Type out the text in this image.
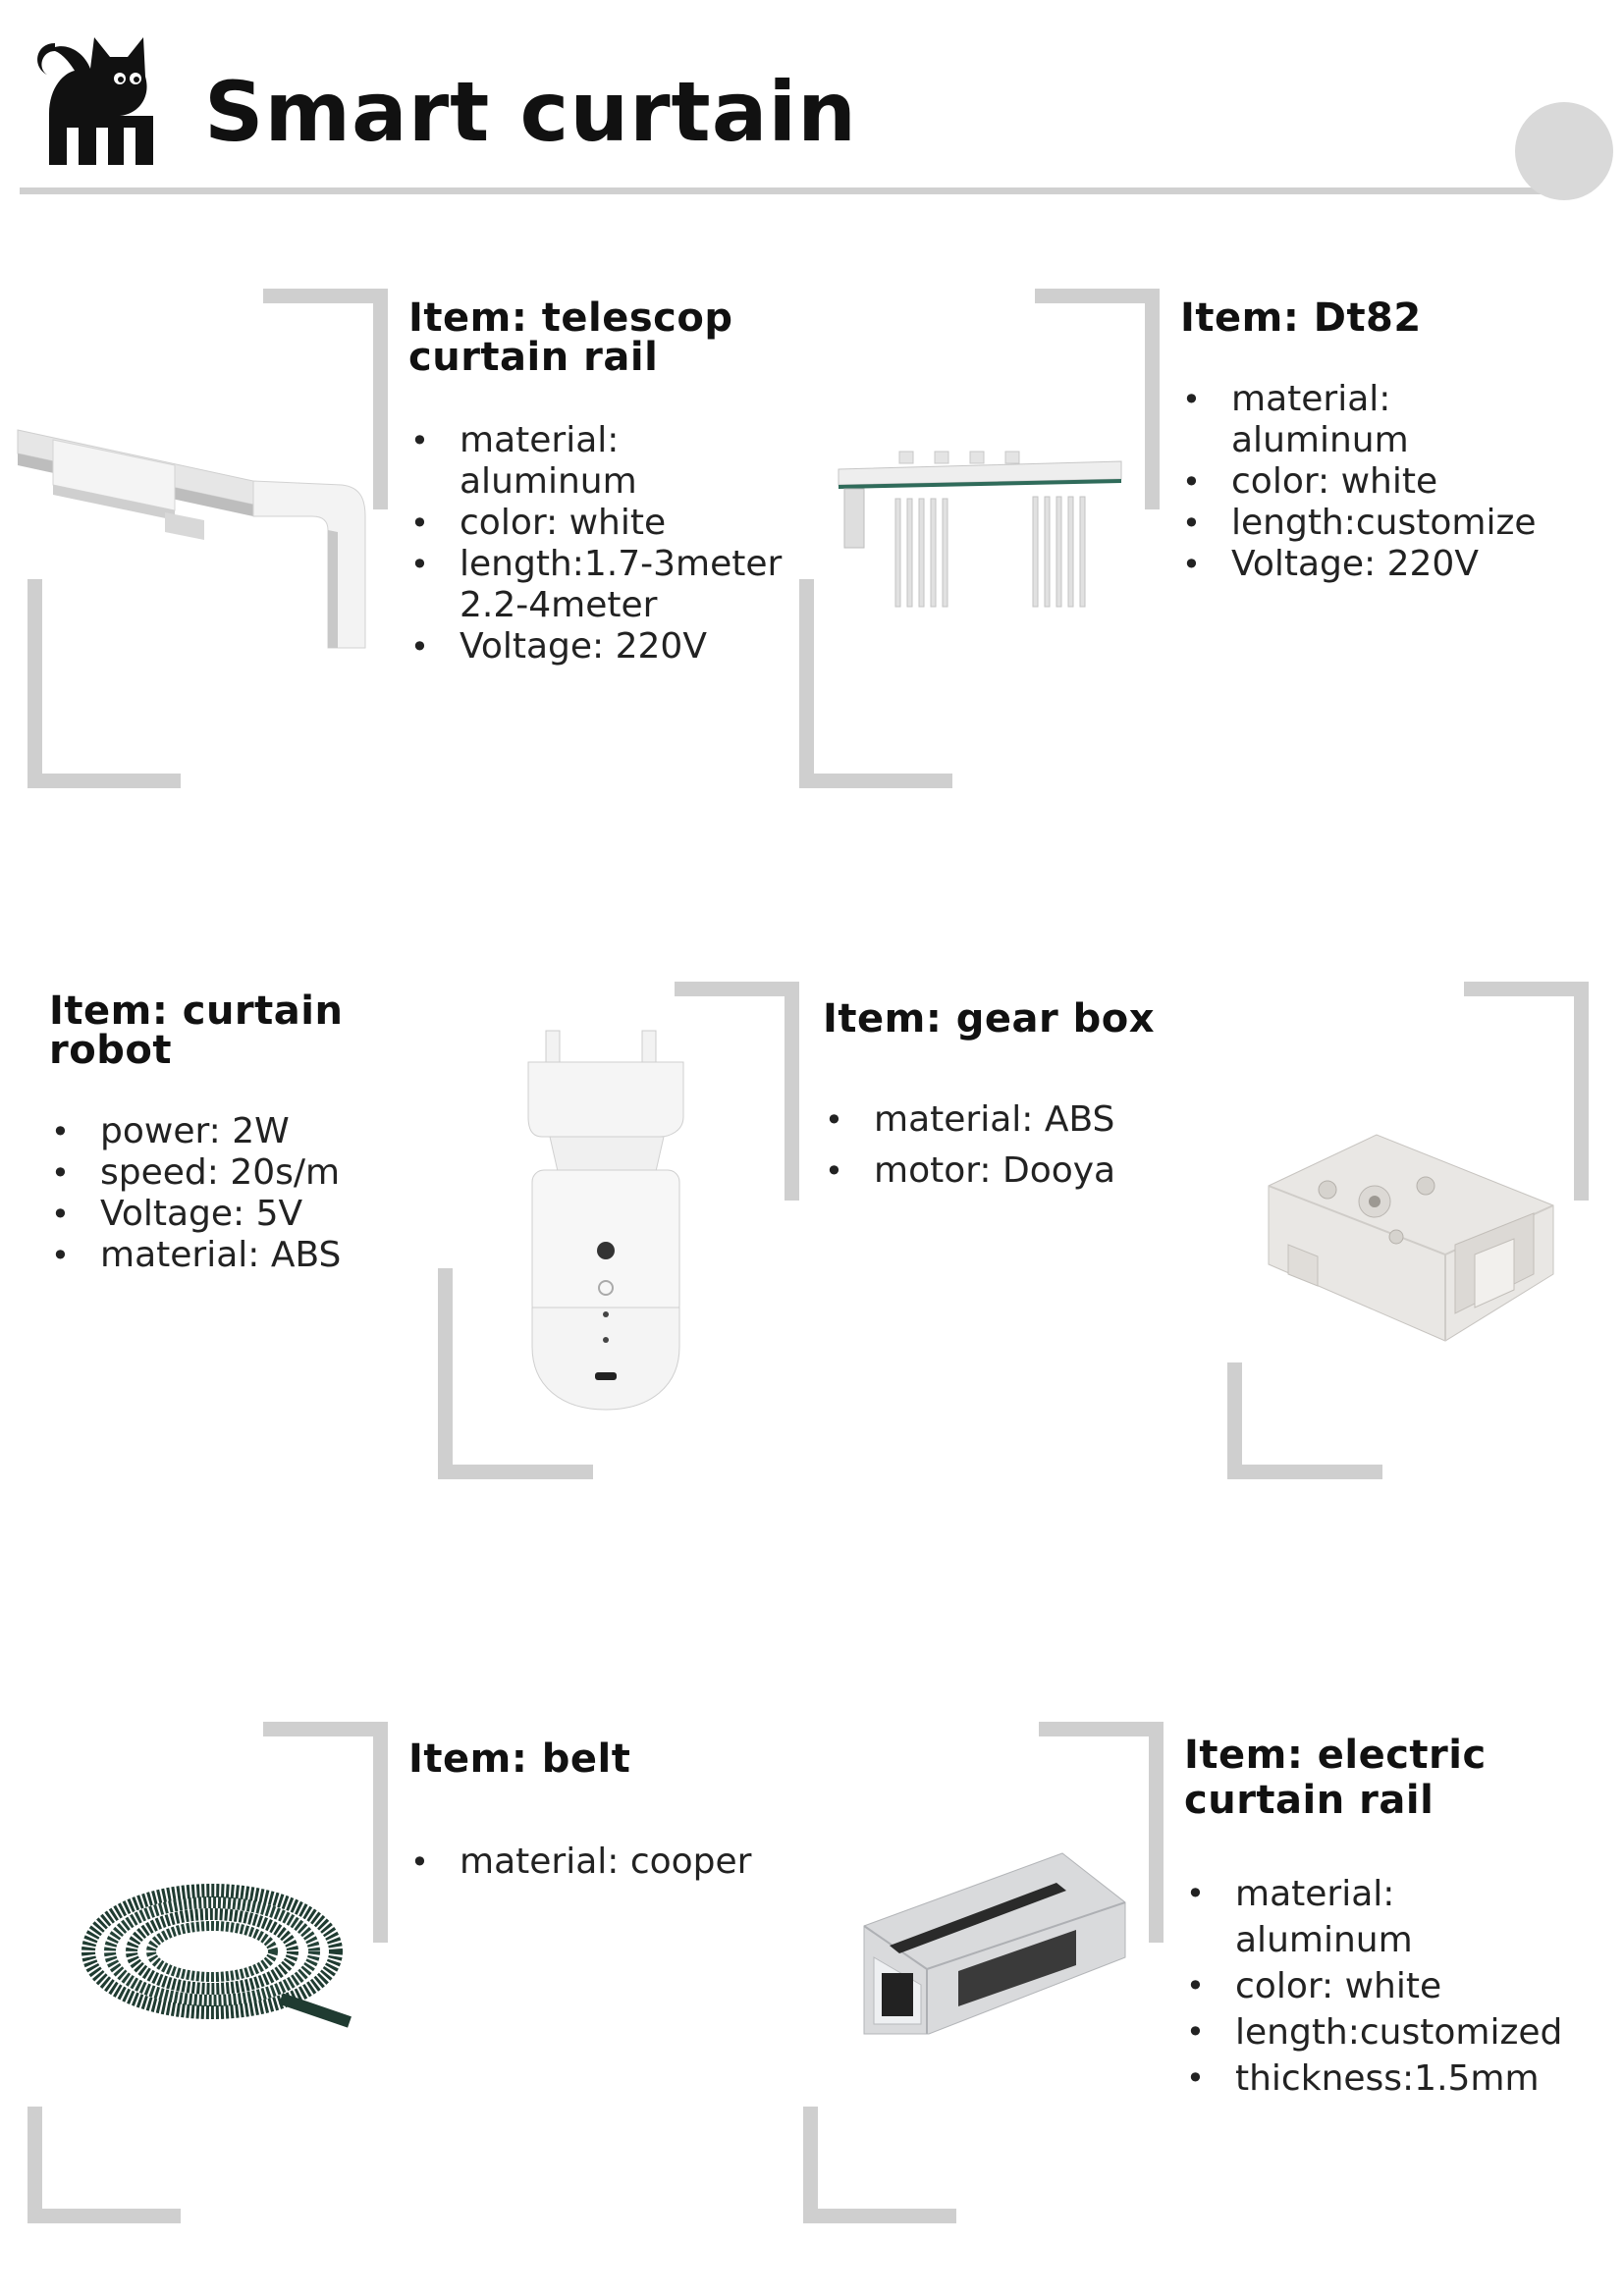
Smart curtain
Item: telescop
curtain rail
• material:
aluminum
• color: white
• length:1.7-3meter
2.2-4meter
• Voltage: 220V
Item: Dt82
• material:
aluminum
• color: white
• length:customize
• Voltage: 220V
Item: curtain
robot
• power: 2W
• speed: 20s/m
• Voltage: 5V
• material: ABS
Item: gear box
• material: ABS
• motor: Dooya
Item: belt
• material: cooper
Item: electric
curtain rail
• material:
aluminum
• color: white
• length:customized
• thickness:1.5mm
